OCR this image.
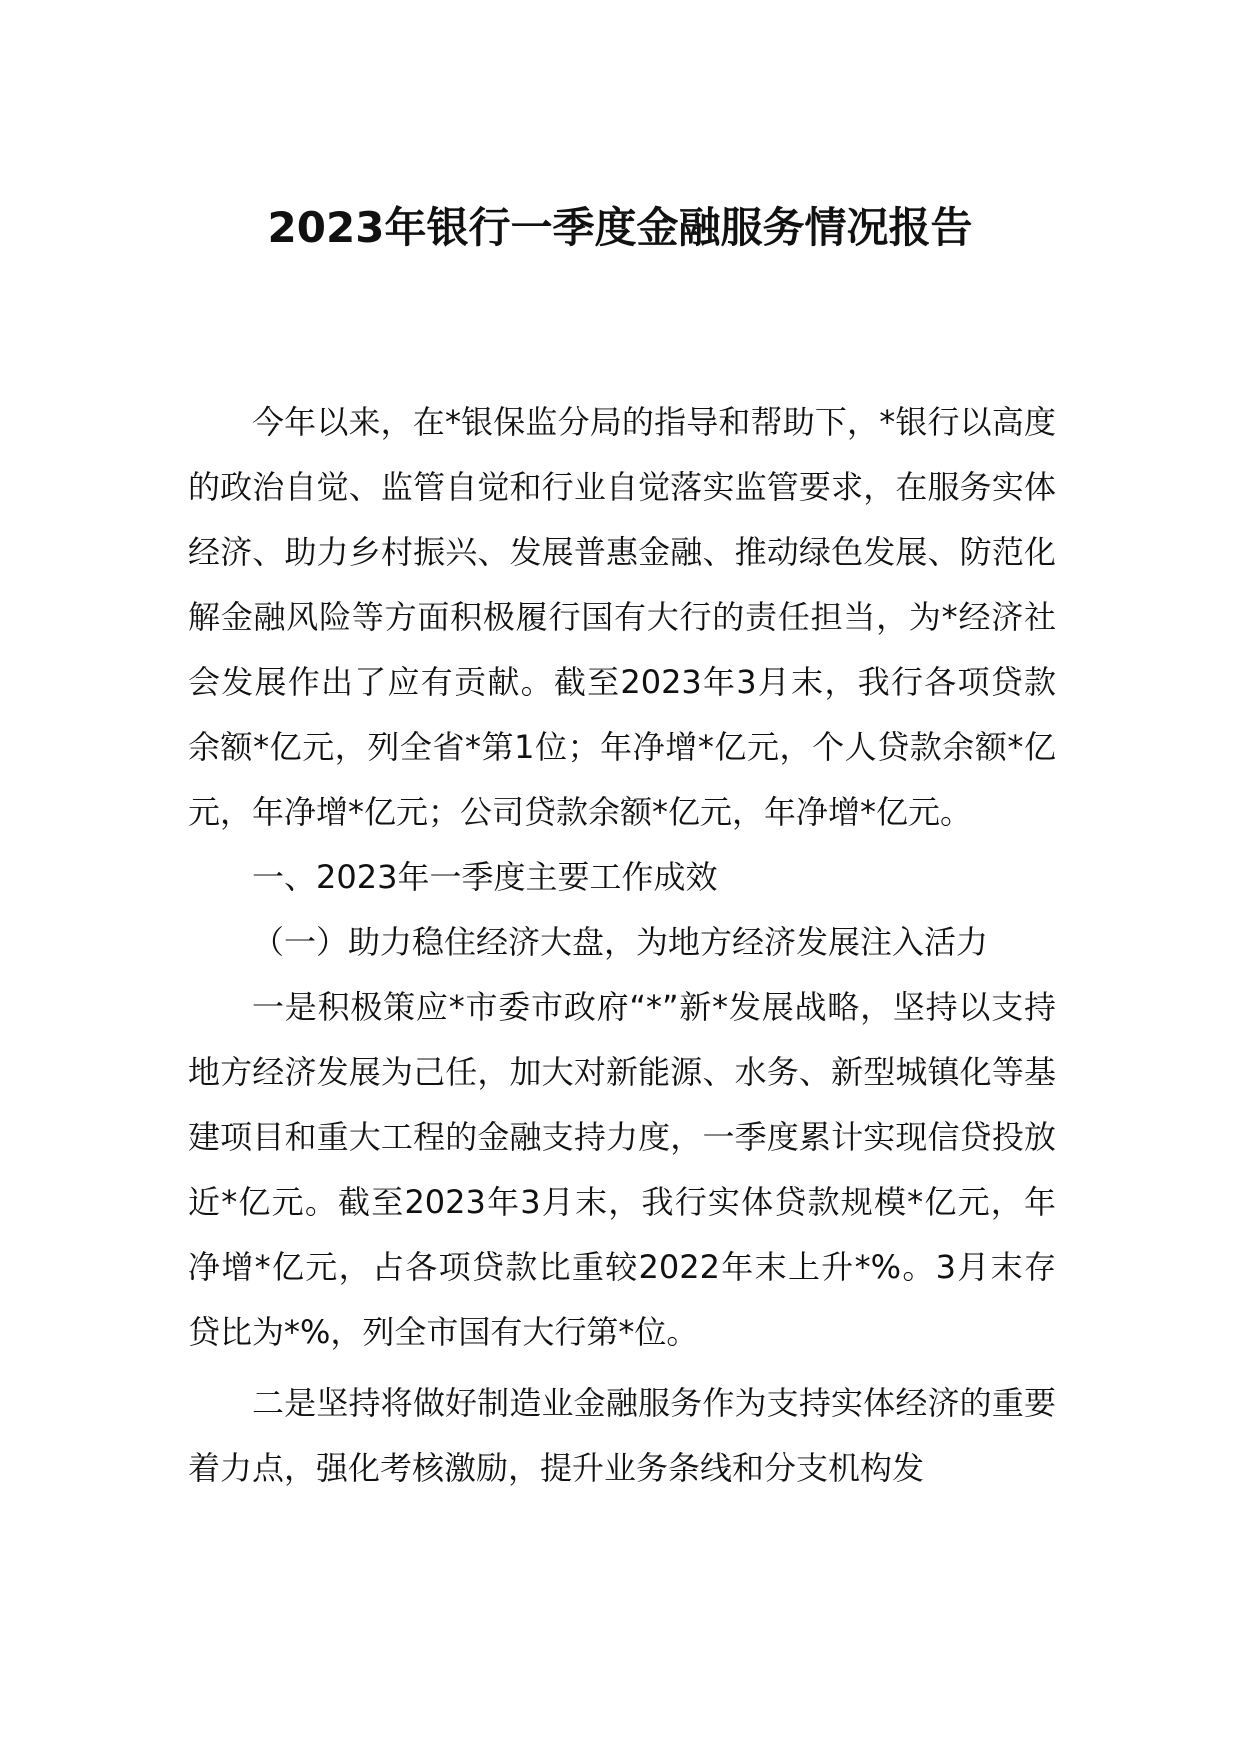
2023年银行一季度金融服务情况报告

今年以来，在*银保监分局的指导和帮助下，*银行以高度的政治自觉、监管自觉和行业自觉落实监管要求，在服务实体经济、助力乡村振兴、发展普惠金融、推动绿色发展、防范化解金融风险等方面积极履行国有大行的责任担当，为*经济社会发展作出了应有贡献。截至2023年3月末，我行各项贷款余额*亿元，列全省*第1位；年净增*亿元，个人贷款余额*亿元，年净增*亿元；公司贷款余额*亿元，年净增*亿元。

一、2023年一季度主要工作成效

（一）助力稳住经济大盘，为地方经济发展注入活力

一是积极策应*市委市政府“*”新*发展战略，坚持以支持地方经济发展为己任，加大对新能源、水务、新型城镇化等基建项目和重大工程的金融支持力度，一季度累计实现信贷投放近*亿元。截至2023年3月末，我行实体贷款规模*亿元，年净增*亿元，占各项贷款比重较2022年末上升*%。3月末存贷比为*%，列全市国有大行第*位。

二是坚持将做好制造业金融服务作为支持实体经济的重要着力点，强化考核激励，提升业务条线和分支机构发
